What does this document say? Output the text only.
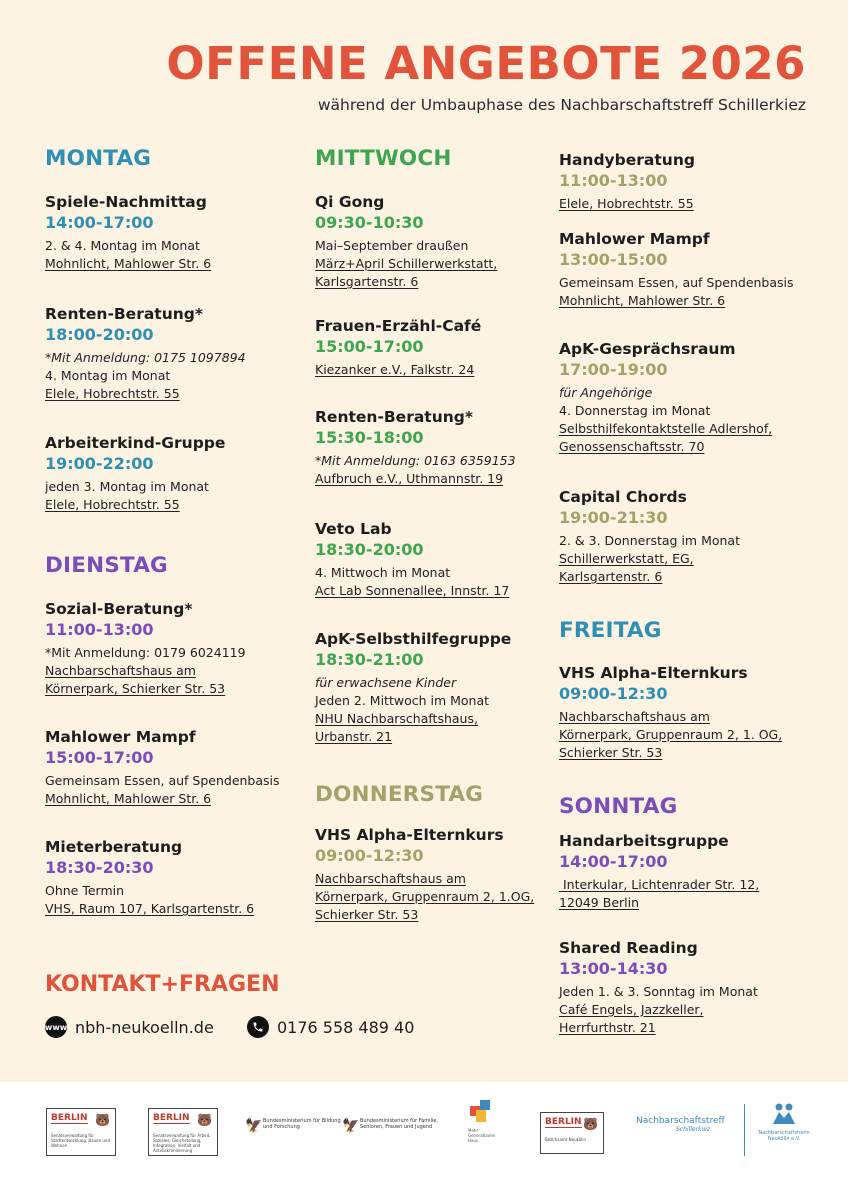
OFFENE ANGEBOTE 2026
während der Umbauphase des Nachbarschaftstreff Schillerkiez
MONTAG
Spiele-Nachmittag
14:00-17:00
2. & 4. Montag im Monat
Mohnlicht, Mahlower Str. 6
Renten-Beratung*
18:00-20:00
*Mit Anmeldung: 0175 1097894
4. Montag im Monat
Elele, Hobrechtstr. 55
Arbeiterkind-Gruppe
19:00-22:00
jeden 3. Montag im Monat
Elele, Hobrechtstr. 55
DIENSTAG
Sozial-Beratung*
11:00-13:00
*Mit Anmeldung: 0179 6024119
Nachbarschaftshaus am
Körnerpark, Schierker Str. 53
Mahlower Mampf
15:00-17:00
Gemeinsam Essen, auf Spendenbasis
Mohnlicht, Mahlower Str. 6
Mieterberatung
18:30-20:30
Ohne Termin
VHS, Raum 107, Karlsgartenstr. 6
MITTWOCH
Qi Gong
09:30-10:30
Mai–September draußen
März+April Schillerwerkstatt,
Karlsgartenstr. 6
Frauen-Erzähl-Café
15:00-17:00
Kiezanker e.V., Falkstr. 24
Renten-Beratung*
15:30-18:00
*Mit Anmeldung: 0163 6359153
Aufbruch e.V., Uthmannstr. 19
Veto Lab
18:30-20:00
4. Mittwoch im Monat
Act Lab Sonnenallee, Innstr. 17
ApK-Selbsthilfegruppe
18:30-21:00
für erwachsene Kinder
Jeden 2. Mittwoch im Monat
NHU Nachbarschaftshaus,
Urbanstr. 21
DONNERSTAG
VHS Alpha-Elternkurs
09:00-12:30
Nachbarschaftshaus am
Körnerpark, Gruppenraum 2, 1.OG,
Schierker Str. 53
Handyberatung
11:00-13:00
Elele, Hobrechtstr. 55
Mahlower Mampf
13:00-15:00
Gemeinsam Essen, auf Spendenbasis
Mohnlicht, Mahlower Str. 6
ApK-Gesprächsraum
17:00-19:00
für Angehörige
4. Donnerstag im Monat
Selbsthilfekontaktstelle Adlershof,
Genossenschaftsstr. 70
Capital Chords
19:00-21:30
2. & 3. Donnerstag im Monat
Schillerwerkstatt, EG,
Karlsgartenstr. 6
FREITAG
VHS Alpha-Elternkurs
09:00-12:30
Nachbarschaftshaus am
Körnerpark, Gruppenraum 2, 1. OG,
Schierker Str. 53
SONNTAG
Handarbeitsgruppe
14:00-17:00
Interkular, Lichtenrader Str. 12,
12049 Berlin
Shared Reading
13:00-14:30
Jeden 1. & 3. Sonntag im Monat
Café Engels, Jazzkeller,
Herrfurthstr. 21
KONTAKT+FRAGEN
www nbh-neukoelln.de	0176 558 489 40
BERLIN 🐻
Senatsverwaltung für Stadtentwicklung, Bauen und Wohnen
BERLIN 🐻
Senatsverwaltung für Arbeit, Soziales, Gleichstellung, Integration, Vielfalt und Antidiskriminierung
🦅 Bundesministerium für Bildung und Forschung	🦅 Bundesministerium für Familie, Senioren, Frauen und Jugend
Mehr Generationen Haus
BERLIN 🐻
Bezirksamt Neukölln
Nachbarschaftstreff
Schillerkiez	Nachbarschaftsheim Neukölln e.V.
